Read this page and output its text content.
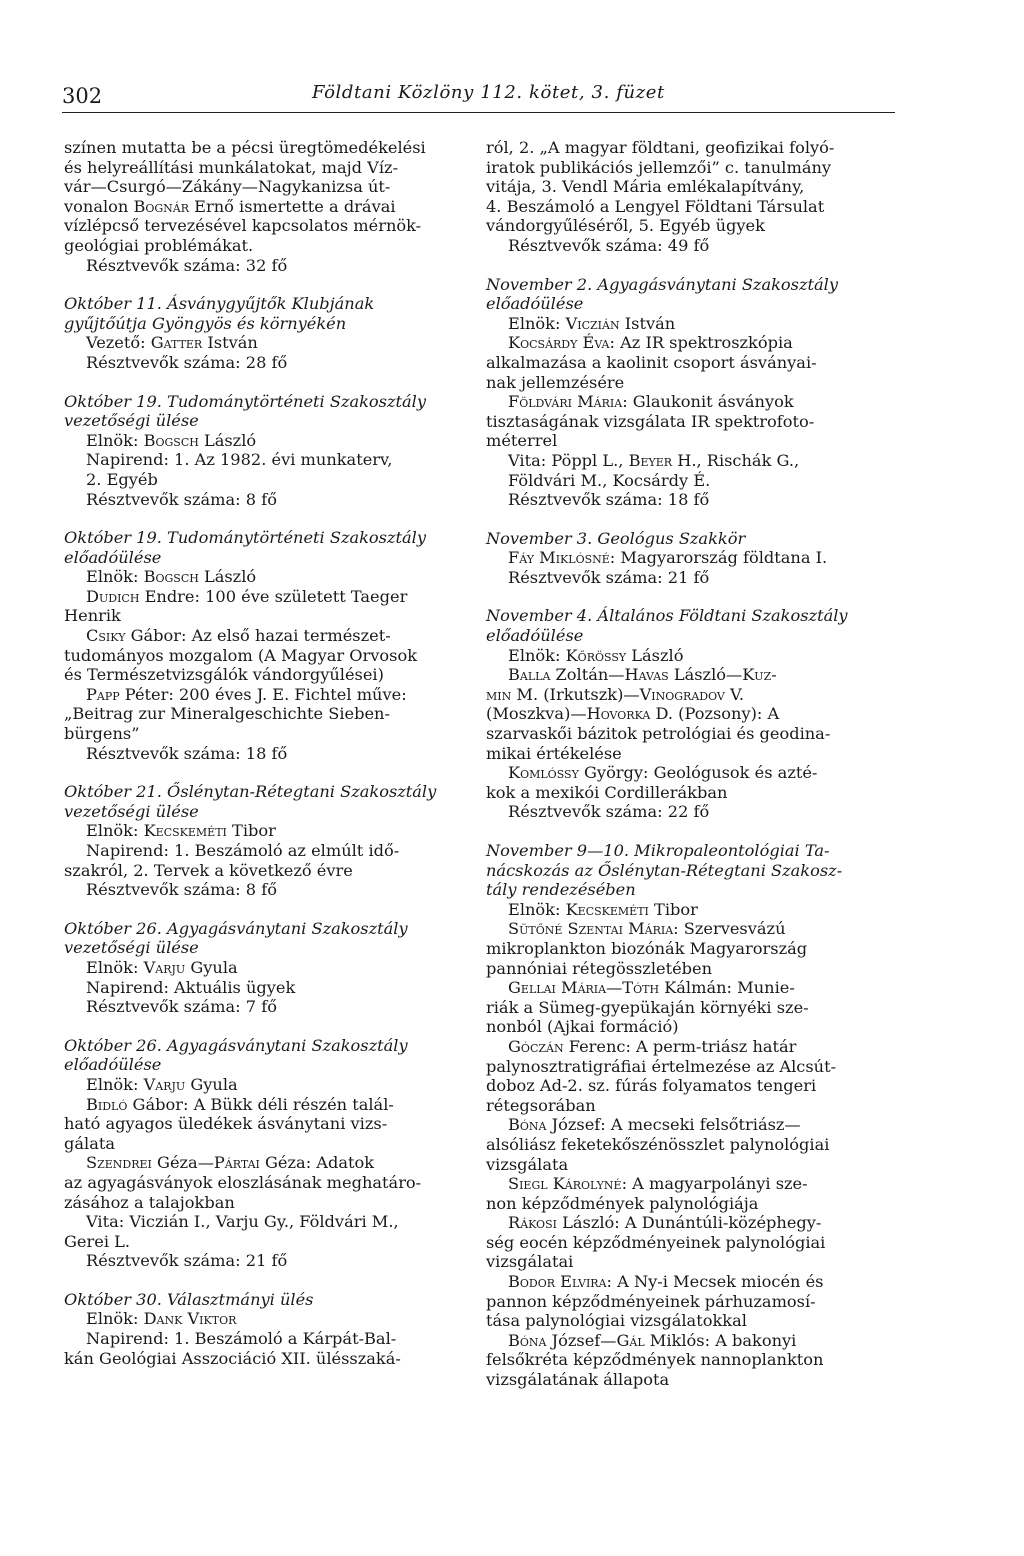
302	Földtani Közlöny 112. kötet, 3. füzet

színen mutatta be a pécsi üregtömedékelési

és helyreállítási munkálatokat, majd Víz-

vár—Csurgó—Zákány—Nagykanizsa út-

vonalon Bognár Ernő ismertette a drávai

vízlépcső tervezésével kapcsolatos mérnök-

geológiai problémákat.

Résztvevők száma: 32 fő

Október 11. Ásványgyűjtők Klubjának

gyűjtőútja Gyöngyös és környékén

Vezető: Gatter István

Résztvevők száma: 28 fő

Október 19. Tudománytörténeti Szakosztály

vezetőségi ülése

Elnök: Bogsch László

Napirend: 1. Az 1982. évi munkaterv,

2. Egyéb

Résztvevők száma: 8 fő

Október 19. Tudománytörténeti Szakosztály

előadóülése

Elnök: Bogsch László

Dudich Endre: 100 éve született Taeger

Henrik

Csiky Gábor: Az első hazai természet-

tudományos mozgalom (A Magyar Orvosok

és Természetvizsgálók vándorgyűlései)

Papp Péter: 200 éves J. E. Fichtel műve:

„Beitrag zur Mineralgeschichte Sieben-

bürgens”

Résztvevők száma: 18 fő

Október 21. Őslénytan-Rétegtani Szakosztály

vezetőségi ülése

Elnök: Kecskeméti Tibor

Napirend: 1. Beszámoló az elmúlt idő-

szakról, 2. Tervek a következő évre

Résztvevők száma: 8 fő

Október 26. Agyagásványtani Szakosztály

vezetőségi ülése

Elnök: Varju Gyula

Napirend: Aktuális ügyek

Résztvevők száma: 7 fő

Október 26. Agyagásványtani Szakosztály

előadóülése

Elnök: Varju Gyula

Bidló Gábor: A Bükk déli részén talál-

ható agyagos üledékek ásványtani vizs-

gálata

Szendrei Géza—Pártai Géza: Adatok

az agyagásványok eloszlásának meghatáro-

zásához a talajokban

Vita: Viczián I., Varju Gy., Földvári M.,

Gerei L.

Résztvevők száma: 21 fő

Október 30. Választmányi ülés

Elnök: Dank Viktor

Napirend: 1. Beszámoló a Kárpát-Bal-

kán Geológiai Asszociáció XII. ülésszaká-

ról, 2. „A magyar földtani, geofizikai folyó-

iratok publikációs jellemzői” c. tanulmány

vitája, 3. Vendl Mária emlékalapítvány,

4. Beszámoló a Lengyel Földtani Társulat

vándorgyűléséről, 5. Egyéb ügyek

Résztvevők száma: 49 fő

November 2. Agyagásványtani Szakosztály

előadóülése

Elnök: Viczián István

Kocsárdy Éva: Az IR spektroszkópia

alkalmazása a kaolinit csoport ásványai-

nak jellemzésére

Földvári Mária: Glaukonit ásványok

tisztaságának vizsgálata IR spektrofoto-

méterrel

Vita: Pöppl L., Beyer H., Rischák G.,

Földvári M., Kocsárdy É.

Résztvevők száma: 18 fő

November 3. Geológus Szakkör

Fáy Miklósné: Magyarország földtana I.

Résztvevők száma: 21 fő

November 4. Általános Földtani Szakosztály

előadóülése

Elnök: Kőrössy László

Balla Zoltán—Havas László—Kuz-

min M. (Irkutszk)—Vinogradov V.

(Moszkva)—Hovorka D. (Pozsony): A

szarvaskői bázitok petrológiai és geodina-

mikai értékelése

Komlóssy György: Geológusok és azté-

kok a mexikói Cordillerákban

Résztvevők száma: 22 fő

November 9—10. Mikropaleontológiai Ta-

nácskozás az Őslénytan-Rétegtani Szakosz-

tály rendezésében

Elnök: Kecskeméti Tibor

Sütőné Szentai Mária: Szervesvázú

mikroplankton biozónák Magyarország

pannóniai rétegösszletében

Gellai Mária—Tóth Kálmán: Munie-

riák a Sümeg-gyepükaján környéki sze-

nonból (Ajkai formáció)

Góczán Ferenc: A perm-triász határ

palynosztratigráfiai értelmezése az Alcsút-

doboz Ad-2. sz. fúrás folyamatos tengeri

rétegsorában

Bóna József: A mecseki felsőtriász—

alsóliász feketekőszénösszlet palynológiai

vizsgálata

Siegl Károlyné: A magyarpolányi sze-

non képződmények palynológiája

Rákosi László: A Dunántúli-középhegy-

ség eocén képződményeinek palynológiai

vizsgálatai

Bodor Elvira: A Ny-i Mecsek miocén és

pannon képződményeinek párhuzamosí-

tása palynológiai vizsgálatokkal

Bóna József—Gál Miklós: A bakonyi

felsőkréta képződmények nannoplankton

vizsgálatának állapota
